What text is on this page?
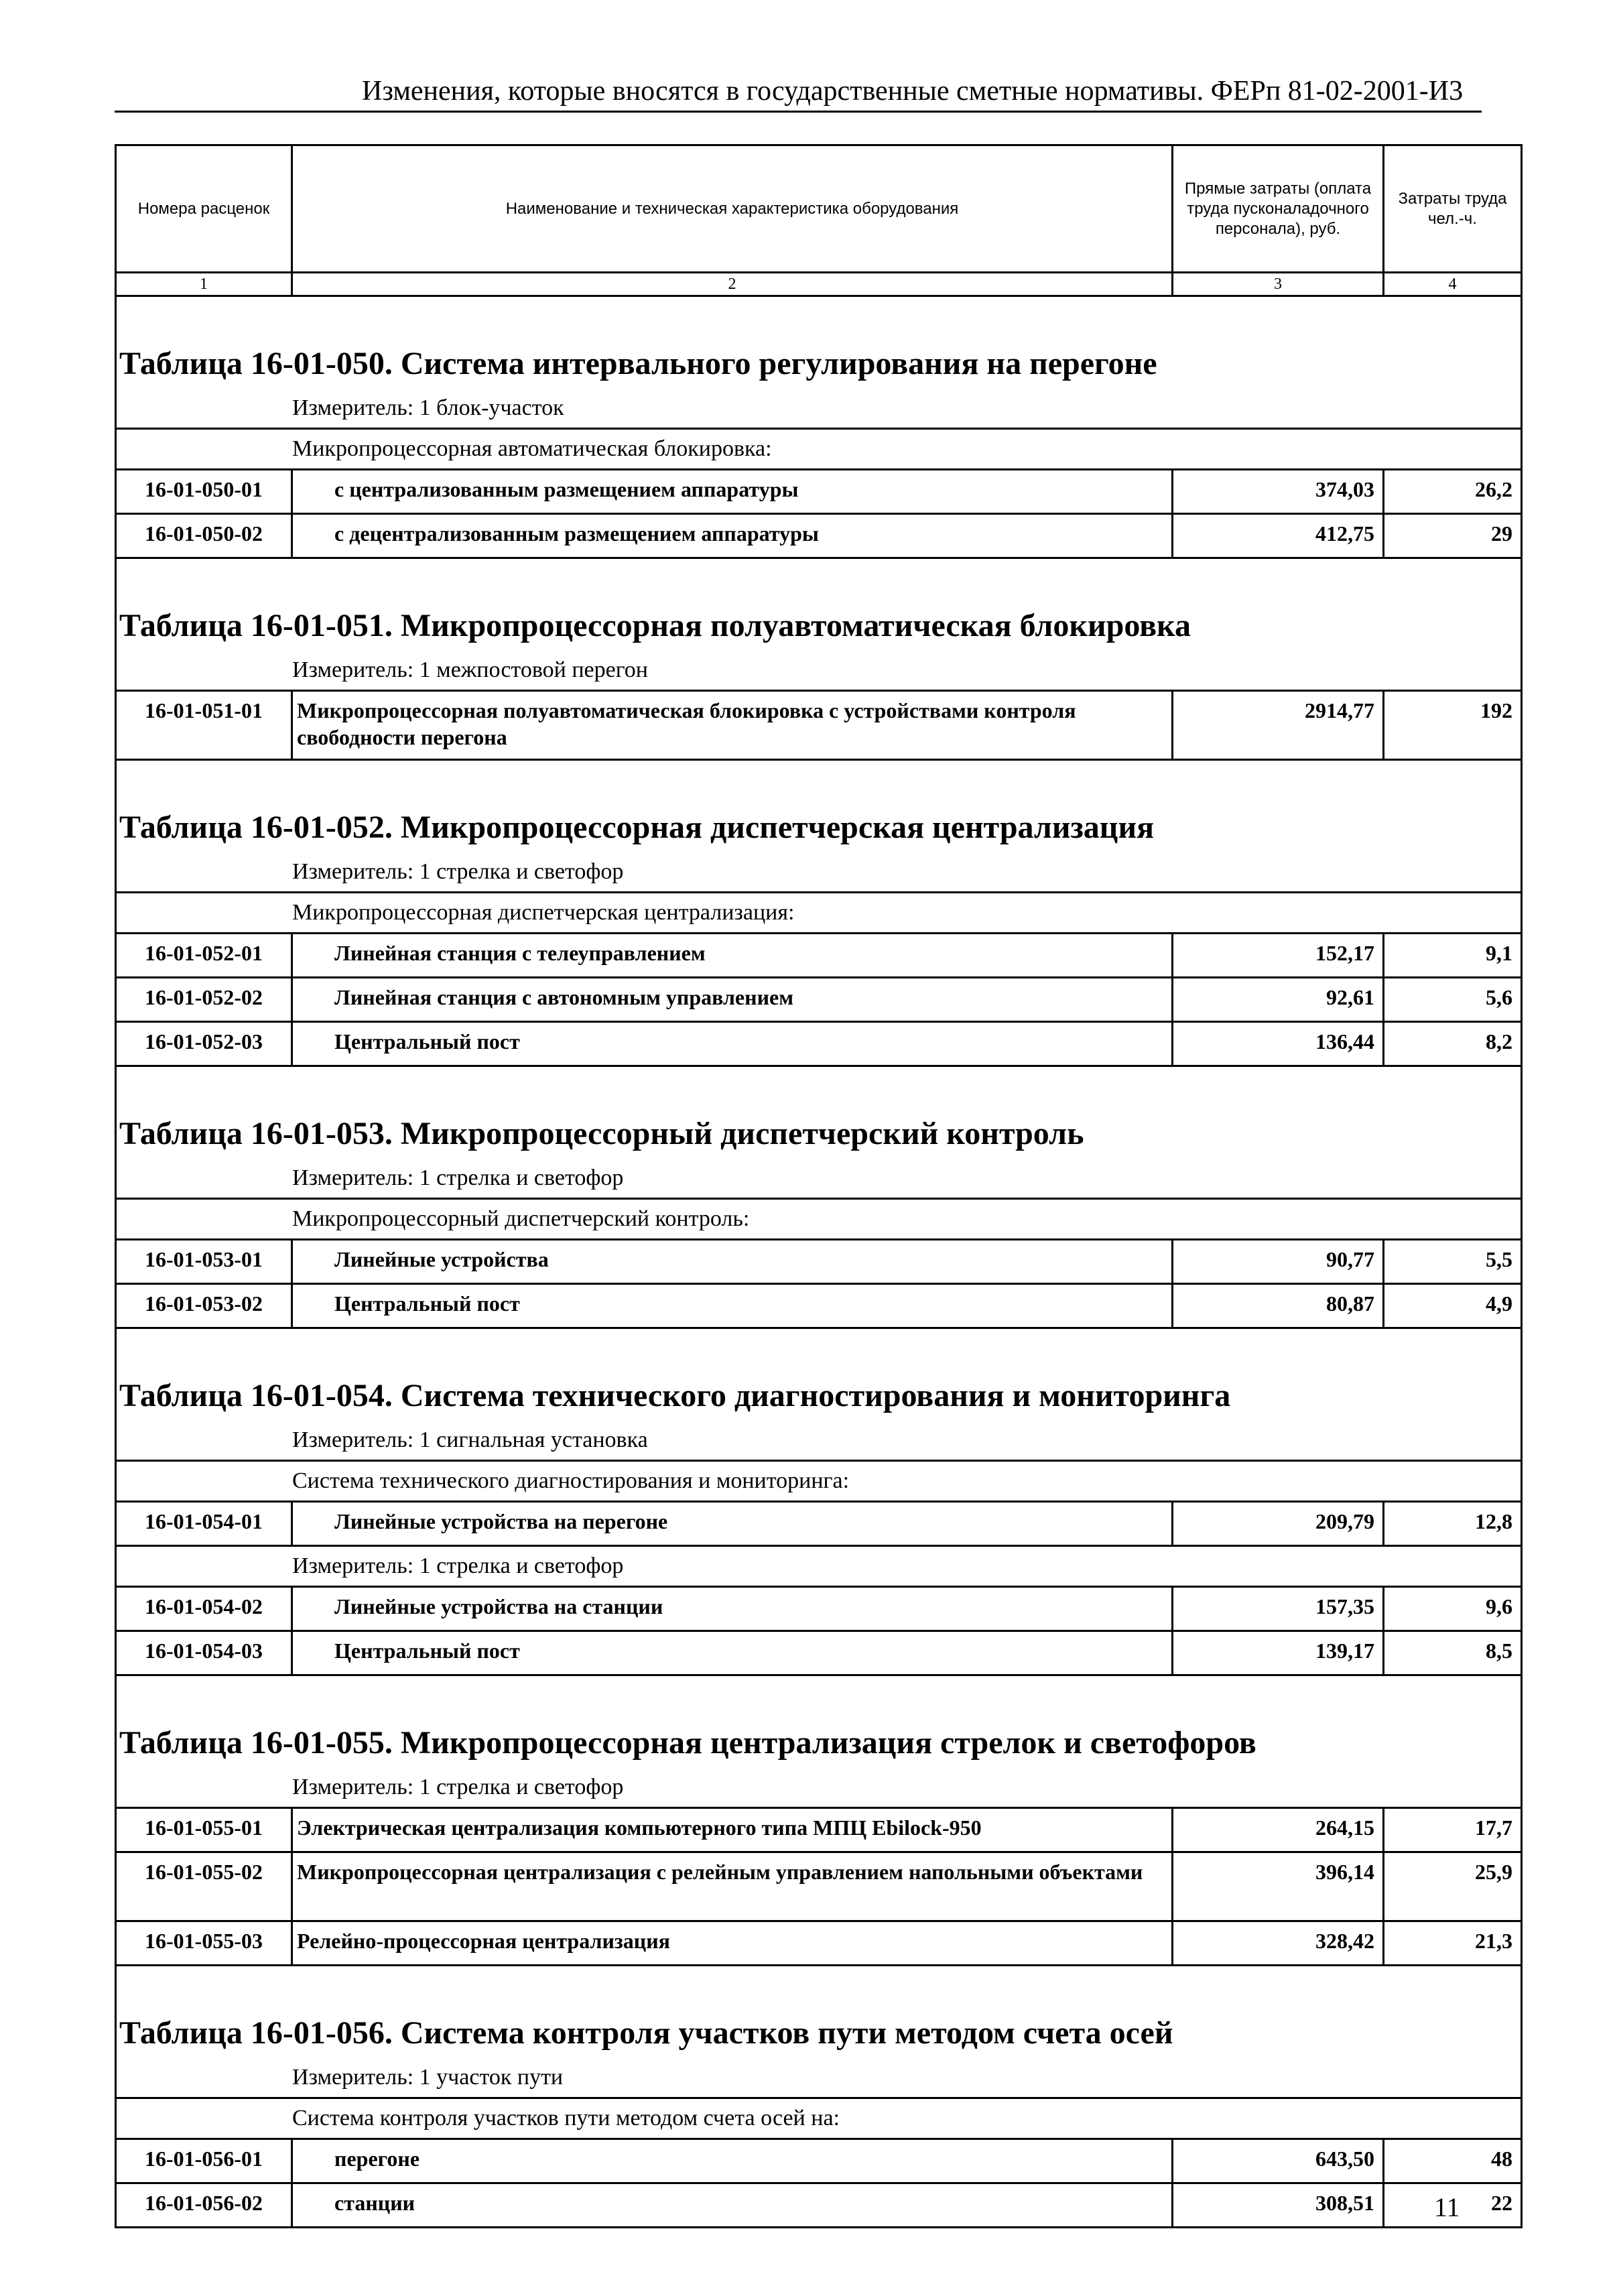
Изменения, которые вносятся в государственные сметные нормативы. ФЕРп 81-02-2001-И3
Номера расценок	Наименование и техническая характеристика оборудования	Прямые затраты (оплата труда пусконаладочного персонала), руб.	Затраты труда чел.-ч.
1	2	3	4
Таблица 16-01-050. Система интервального регулирования на перегоне			
Измеритель: 1 блок-участок			
Микропроцессорная автоматическая блокировка:			
16-01-050-01	с централизованным размещением аппаратуры	374,03	26,2
16-01-050-02	с децентрализованным размещением аппаратуры	412,75	29
Таблица 16-01-051. Микропроцессорная полуавтоматическая блокировка			
Измеритель: 1 межпостовой перегон			
16-01-051-01	Микропроцессорная полуавтоматическая блокировка с устройствами контроля свободности перегона	2914,77	192
Таблица 16-01-052. Микропроцессорная диспетчерская централизация			
Измеритель: 1 стрелка и светофор			
Микропроцессорная диспетчерская централизация:			
16-01-052-01	Линейная станция с телеуправлением	152,17	9,1
16-01-052-02	Линейная станция с автономным управлением	92,61	5,6
16-01-052-03	Центральный пост	136,44	8,2
Таблица 16-01-053. Микропроцессорный диспетчерский контроль			
Измеритель: 1 стрелка и светофор			
Микропроцессорный диспетчерский контроль:			
16-01-053-01	Линейные устройства	90,77	5,5
16-01-053-02	Центральный пост	80,87	4,9
Таблица 16-01-054. Система технического диагностирования и мониторинга			
Измеритель: 1 сигнальная установка			
Система технического диагностирования и мониторинга:			
16-01-054-01	Линейные устройства на перегоне	209,79	12,8
Измеритель: 1 стрелка и светофор			
16-01-054-02	Линейные устройства на станции	157,35	9,6
16-01-054-03	Центральный пост	139,17	8,5
Таблица 16-01-055. Микропроцессорная централизация стрелок и светофоров			
Измеритель: 1 стрелка и светофор			
16-01-055-01	Электрическая централизация компьютерного типа МПЦ Ebilock-950	264,15	17,7
16-01-055-02	Микропроцессорная централизация с релейным управлением напольными объектами	396,14	25,9
16-01-055-03	Релейно-процессорная централизация	328,42	21,3
Таблица 16-01-056. Система контроля участков пути методом счета осей			
Измеритель: 1 участок пути			
Система контроля участков пути методом счета осей на:			
16-01-056-01	перегоне	643,50	48
16-01-056-02	станции	308,51	22
11
